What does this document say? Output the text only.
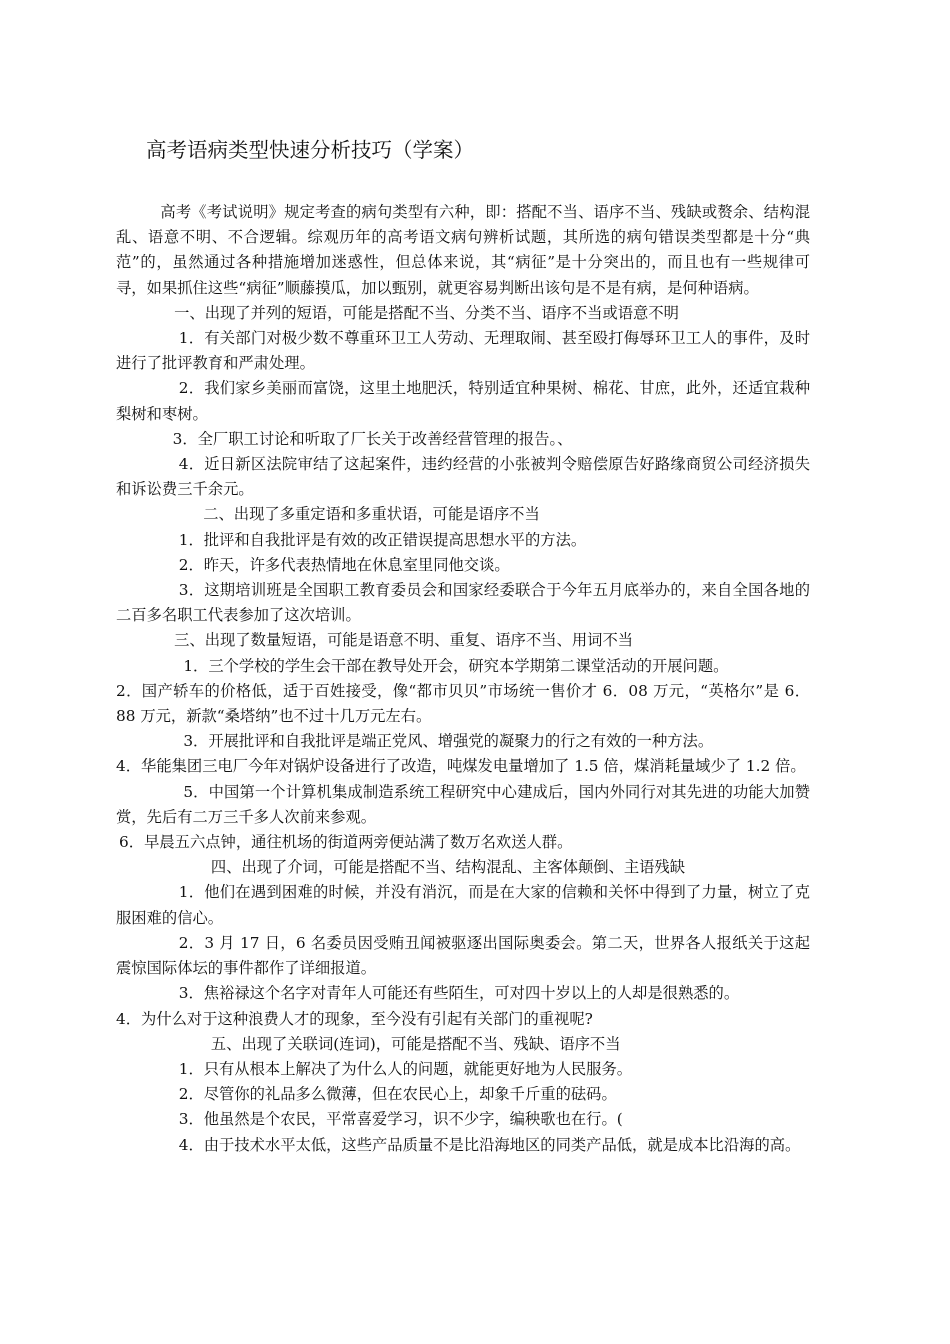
高考语病类型快速分析技巧（学案）

高考《考试说明》规定考查的病句类型有六种，即：搭配不当、语序不当、残缺或赘余、结构混乱、语意不明、不合逻辑。综观历年的高考语文病句辨析试题，其所选的病句错误类型都是十分“典范”的，虽然通过各种措施增加迷惑性，但总体来说，其“病征”是十分突出的，而且也有一些规律可寻，如果抓住这些“病征”顺藤摸瓜，加以甄别，就更容易判断出该句是不是有病，是何种语病。

一、出现了并列的短语，可能是搭配不当、分类不当、语序不当或语意不明

1．有关部门对极少数不尊重环卫工人劳动、无理取闹、甚至殴打侮辱环卫工人的事件，及时进行了批评教育和严肃处理。

2．我们家乡美丽而富饶，这里土地肥沃，特别适宜种果树、棉花、甘庶，此外，还适宜栽种梨树和枣树。

3．全厂职工讨论和听取了厂长关于改善经营管理的报告。、

4．近日新区法院审结了这起案件，违约经营的小张被判令赔偿原告好路缘商贸公司经济损失和诉讼费三千余元。

二、出现了多重定语和多重状语，可能是语序不当

1．批评和自我批评是有效的改正错误提高思想水平的方法。

2．昨天，许多代表热情地在休息室里同他交谈。

3．这期培训班是全国职工教育委员会和国家经委联合于今年五月底举办的，来自全国各地的二百多名职工代表参加了这次培训。

三、出现了数量短语，可能是语意不明、重复、语序不当、用词不当

1．三个学校的学生会干部在教导处开会，研究本学期第二课堂活动的开展问题。

2．国产轿车的价格低，适于百姓接受，像“都市贝贝”市场统一售价才 6．08 万元，“英格尔”是 6．88 万元，新款“桑塔纳”也不过十几万元左右。

3．开展批评和自我批评是端正党风、增强党的凝聚力的行之有效的一种方法。

4．华能集团三电厂今年对锅炉设备进行了改造，吨煤发电量增加了 1.5 倍，煤消耗量域少了 1.2 倍。

5．中国第一个计算机集成制造系统工程研究中心建成后，国内外同行对其先进的功能大加赞赏，先后有二万三千多人次前来参观。

6．早晨五六点钟，通往机场的街道两旁便站满了数万名欢送人群。

四、出现了介词，可能是搭配不当、结构混乱、主客体颠倒、主语残缺

1．他们在遇到困难的时候，并没有消沉，而是在大家的信赖和关怀中得到了力量，树立了克服困难的信心。

2．3 月 17 日，6 名委员因受贿丑闻被驱逐出国际奥委会。第二天，世界各人报纸关于这起震惊国际体坛的事件都作了详细报道。

3．焦裕禄这个名字对青年人可能还有些陌生，可对四十岁以上的人却是很熟悉的。

4．为什么对于这种浪费人才的现象，至今没有引起有关部门的重视呢?

五、出现了关联词(连词)，可能是搭配不当、残缺、语序不当

1．只有从根本上解决了为什么人的问题，就能更好地为人民服务。

2．尽管你的礼品多么微薄，但在农民心上，却象千斤重的砝码。

3．他虽然是个农民，平常喜爱学习，识不少字，编秧歌也在行。(

4．由于技术水平太低，这些产品质量不是比沿海地区的同类产品低，就是成本比沿海的高。
